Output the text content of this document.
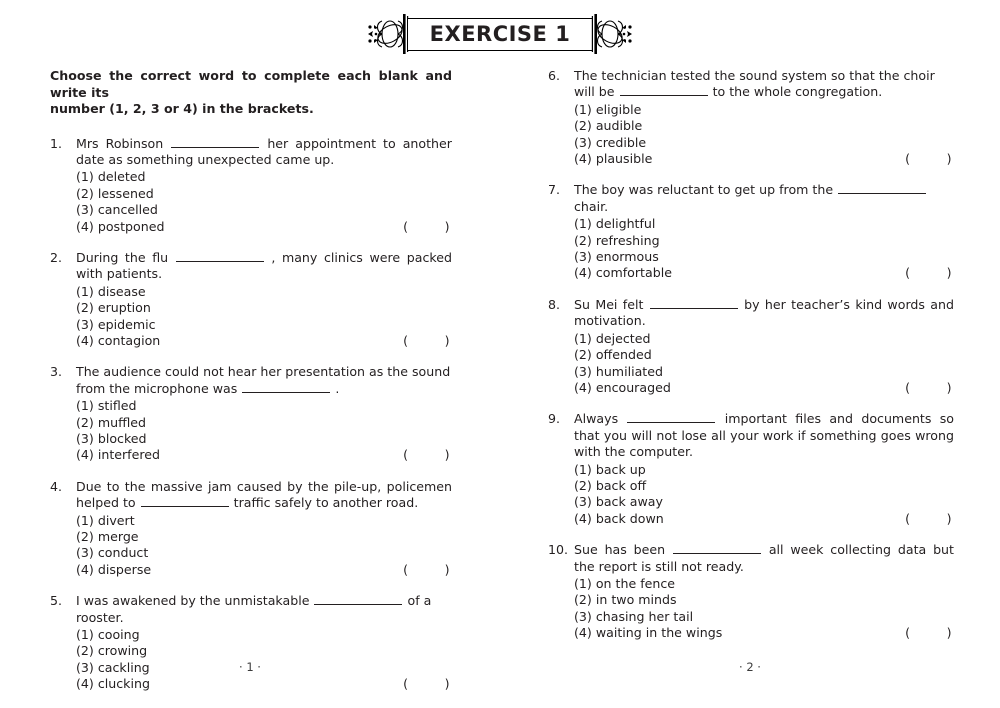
EXERCISE 1
Choose the correct word to complete each blank and write its
number (1, 2, 3 or 4) in the brackets.
1.	Mrs Robinson	her appointment to another date as something unexpected came up.
(1) deleted
(2) lessened
(3) cancelled
(4) postponed	(        )
2.	During the flu	, many clinics were packed with patients.
(1) disease
(2) eruption
(3) epidemic
(4) contagion	(        )
3.	The audience could not hear her presentation as the sound from the microphone was	.
(1) stifled
(2) muffled
(3) blocked
(4) interfered	(        )
4.	Due to the massive jam caused by the pile-up, policemen helped to	traffic safely to another road.
(1) divert
(2) merge
(3) conduct
(4) disperse	(        )
5.	I was awakened by the unmistakable	of a rooster.
(1) cooing
(2) crowing
(3) cackling
(4) clucking	(        )
6.	The technician tested the sound system so that the choir will be	to the whole congregation.
(1) eligible
(2) audible
(3) credible
(4) plausible	(        )
7.	The boy was reluctant to get up from the  chair.
(1) delightful
(2) refreshing
(3) enormous
(4) comfortable	(        )
8.	Su Mei felt	by her teacher’s kind words and motivation.
(1) dejected
(2) offended
(3) humiliated
(4) encouraged	(        )
9.	Always	important files and documents so that you will not lose all your work if something goes wrong with the computer.
(1) back up
(2) back off
(3) back away
(4) back down	(        )
10. Sue has been	all week collecting data but the report is still not ready.
(1) on the fence
(2) in two minds
(3) chasing her tail
(4) waiting in the wings	(        )
· 1 ·	· 2 ·
